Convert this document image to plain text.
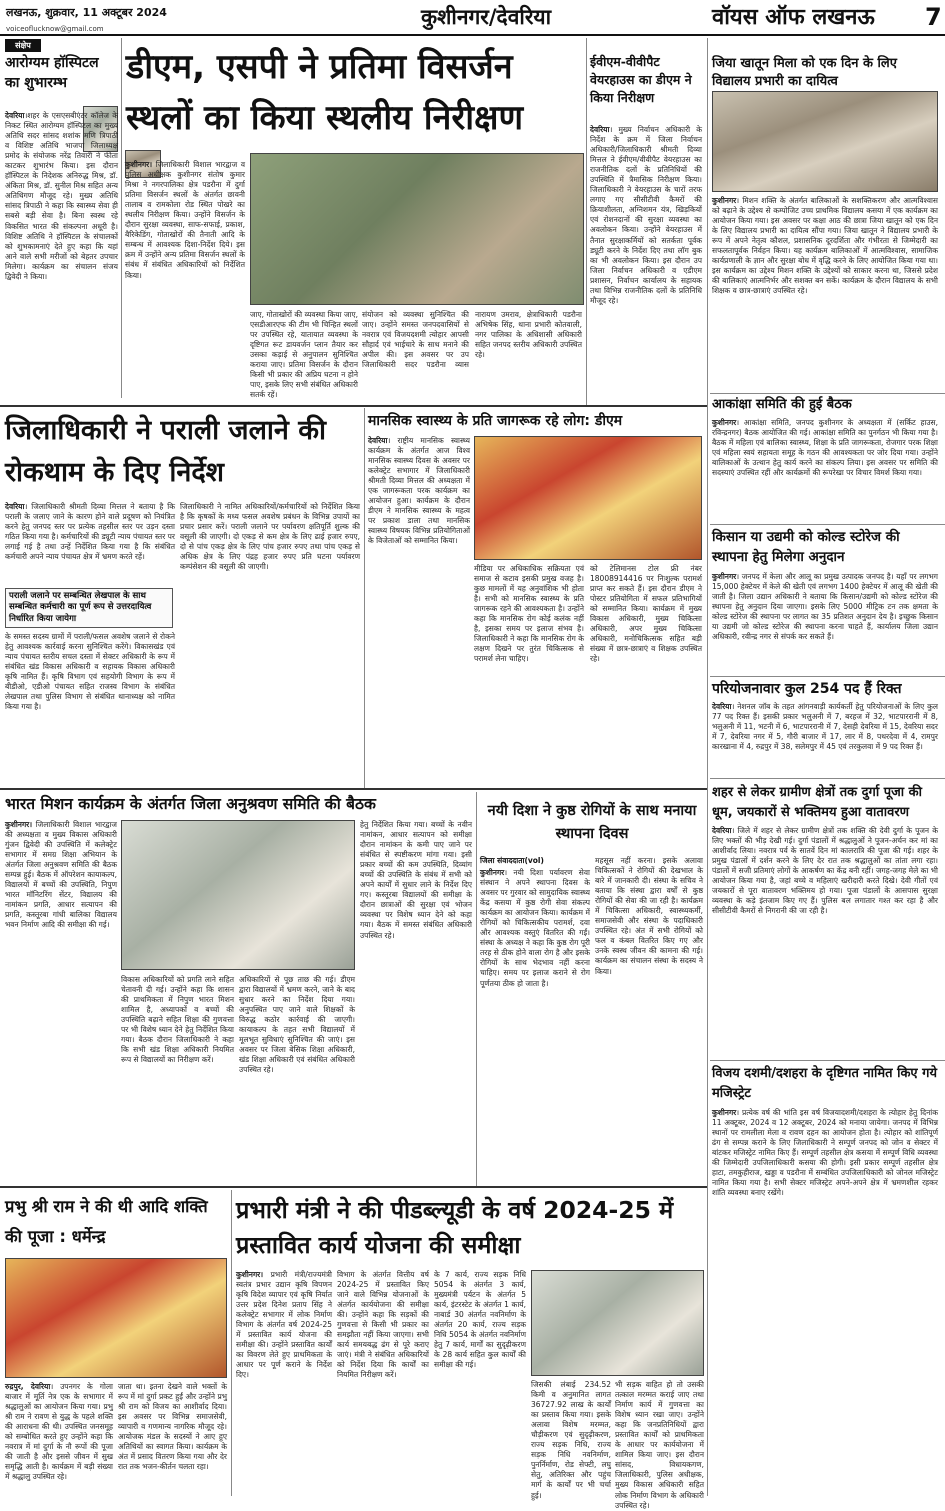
लखनऊ, शुक्रवार, 11 अक्टूबर 2024
voiceoflucknow@gmail.com	कुशीनगर/देवरिया	वॉयस ऑफ लखनऊ 7
संक्षेप
आरोग्यम हॉस्पिटल का शुभारम्भ
देवरिया।शहर के एसएसबीएंटर कॉलेज के निकट स्थित आरोग्यम हॉस्पिटल का मुख्य अतिथि सदर सांसद शशांक मणि त्रिपाठी व विशिष्ट अतिथि भाजपा जिलाध्यक्ष प्रमोद के संयोजक नरेंद्र तिवारी ने फीता काटकर शुभारंभ किया। इस दौरान हॉस्पिटल के निदेशक अनिरुद्ध मिश्र, डॉ. अंकिता मिश्र, डॉ. सुनील मिश्र सहित अन्य अतिथिगण मौजूद रहे। मुख्य अतिथि सांसद त्रिपाठी ने कहा कि स्वास्थ्य सेवा ही सबसे बड़ी सेवा है। बिना स्वस्थ रहे विकसित भारत की संकल्पना अधूरी है। विशिष्ट अतिथि ने हॉस्पिटल के संचालकों को शुभकामनाएं देते हुए कहा कि यहां आने वाले सभी मरीजों को बेहतर उपचार मिलेगा। कार्यक्रम का संचालन संजय द्विवेदी ने किया।
डीएम, एसपी ने प्रतिमा विसर्जन स्थलों का किया स्थलीय निरीक्षण
कुशीनगर। जिलाधिकारी विशाल भारद्वाज व पुलिस अधीक्षक कुशीनगर संतोष कुमार मिश्रा ने नगरपालिका क्षेत्र पडरौना में दुर्गा प्रतिमा विसर्जन स्थलों के अंतर्गत छावनी तालाब व रामकोला रोड स्थित पोखरे का स्थलीय निरीक्षण किया। उन्होंने विसर्जन के दौरान सुरक्षा व्यवस्था, साफ-सफाई, प्रकाश, बैरिकेडिंग, गोताखोरों की तैनाती आदि के सम्बन्ध में आवश्यक दिशा-निर्देश दिये। इस क्रम में उन्होंने अन्य प्रतिमा विसर्जन स्थलों के संबंध में संबंधित अधिकारियों को निर्देशित किया।
जाए, गोताखोरों की व्यवस्था किया जाए, एसडीआरएफ की टीम भी चिन्हित स्थलों पर उपस्थित रहे, यातायात व्यवस्था के दृष्टिगत रूट डायवर्जन प्लान तैयार कर उसका कड़ाई से अनुपालन सुनिश्चित कराया जाए। प्रतिमा विसर्जन के दौरान किसी भी प्रकार की अप्रिय घटना न होने पाए, इसके लिए सभी संबंधित अधिकारी सतर्क रहें।
संयोजन को व्यवस्था सुनिश्चित की जाए। उन्होंने समस्त जनपदवासियों से नवरात्र एवं विजयदशमी त्योहार आपसी सौहार्द एवं भाईचारे के साथ मनाने की अपील की। इस अवसर पर उप जिलाधिकारी सदर पडरौना व्यास नारायण उमराव, क्षेत्राधिकारी पडरौना अभिषेक सिंह, थाना प्रभारी कोतवाली, नगर पालिका के अधिशासी अधिकारी सहित जनपद स्तरीय अधिकारी उपस्थित रहे।
ईवीएम-वीवीपैट वेयरहाउस का डीएम ने किया निरीक्षण
देवरिया। मुख्य निर्वाचन अधिकारी के निर्देश के क्रम में जिला निर्वाचन अधिकारी/जिलाधिकारी श्रीमती दिव्या मित्तल ने ईवीएम/वीवीपैट वेयरहाउस का राजनीतिक दलों के प्रतिनिधियों की उपस्थिति में त्रैमासिक निरीक्षण किया। जिलाधिकारी ने वेयरहाउस के चारों तरफ लगाए गए सीसीटीवी कैमरों की क्रियाशीलता, अग्निशमन यंत्र, खिड़कियों एवं रोशनदानों की सुरक्षा व्यवस्था का अवलोकन किया। उन्होंने वेयरहाउस में तैनात सुरक्षाकर्मियों को सतर्कता पूर्वक ड्यूटी करने के निर्देश दिए तथा लॉग बुक का भी अवलोकन किया। इस दौरान उप जिला निर्वाचन अधिकारी व एडीएम प्रशासन, निर्वाचन कार्यालय के सहायक तथा विभिन्न राजनीतिक दलों के प्रतिनिधि मौजूद रहे।
जिया खातून मिला को एक दिन के लिए विद्यालय प्रभारी का दायित्व
कुशीनगर। मिशन शक्ति के अंतर्गत बालिकाओं के सशक्तिकरण और आत्मविश्वास को बढ़ाने के उद्देश्य से कम्पोजिट उच्च प्राथमिक विद्यालय कसया में एक कार्यक्रम का आयोजन किया गया। इस अवसर पर कक्षा आठ की छात्रा जिया खातून को एक दिन के लिए विद्यालय प्रभारी का दायित्व सौंपा गया। जिया खातून ने विद्यालय प्रभारी के रूप में अपने नेतृत्व कौशल, प्रशासनिक दूरदर्शिता और गंभीरता से जिम्मेदारी का सफलतापूर्वक निर्वहन किया। यह कार्यक्रम बालिकाओं में आत्मविश्वास, सामाजिक कार्यप्रणाली के ज्ञान और सुरक्षा बोध में वृद्धि करने के लिए आयोजित किया गया था। इस कार्यक्रम का उद्देश्य मिशन शक्ति के उद्देश्यों को साकार करना था, जिससे प्रदेश की बालिकाएं आत्मनिर्भर और सशक्त बन सकें। कार्यक्रम के दौरान विद्यालय के सभी शिक्षक व छात्र-छात्राएं उपस्थित रहे।
आकांक्षा समिति की हुई बैठक
कुशीनगर। आकांक्षा समिति, जनपद कुशीनगर के अध्यक्षता में (सर्किट हाउस, रविन्द्रनगर) बैठक आयोजित की गई। आकांक्षा समिति का पुनर्गठन भी किया गया है। बैठक में महिला एवं बालिका स्वास्थ्य, शिक्षा के प्रति जागरूकता, रोजगार परक शिक्षा एवं महिला स्वयं सहायता समूह के गठन की आवश्यकता पर जोर दिया गया। उन्होंने बालिकाओं के उत्थान हेतु कार्य करने का संकल्प लिया। इस अवसर पर समिति की सदस्याएं उपस्थित रहीं और कार्यक्रमों की रूपरेखा पर विचार विमर्श किया गया।
किसान या उद्यमी को कोल्ड स्टोरेज की स्थापना हेतु मिलेगा अनुदान
कुशीनगर। जनपद में केला और आलू का प्रमुख उत्पादक जनपद है। यहाँ पर लगभग 15,000 हेक्टेयर में केले की खेती एवं लगभग 1400 हेक्टेयर में आलू की खेती की जाती है। जिला उद्यान अधिकारी ने बताया कि किसान/उद्यमी को कोल्ड स्टोरेज की स्थापना हेतु अनुदान दिया जाएगा। इसके लिए 5000 मीट्रिक टन तक क्षमता के कोल्ड स्टोरेज की स्थापना पर लागत का 35 प्रतिशत अनुदान देय है। इच्छुक किसान या उद्यमी जो कोल्ड स्टोरेज की स्थापना करना चाहते हैं, कार्यालय जिला उद्यान अधिकारी, रवीन्द्र नगर से संपर्क कर सकते हैं।
परियोजनावार कुल 254 पद हैं रिक्त
देवरिया। नेशनल जॉब के तहत आंगनवाड़ी कार्यकर्ती हेतु परियोजनाओं के लिए कुल 77 पद रिक्त हैं। इसकी प्रकार भलुअनी में 7, बरहज में 32, भाटपाररानी में 8, भलुअनी में 11, भटनी में 6, भाटपाररानी में 7, देसही देवरिया में 15, देवरिया सदर में 7, देवरिया नगर में 5, गौरी बाजार में 17, लार में 8, पथरदेवा में 4, रामपुर कारखाना में 4, रुद्रपुर में 38, सलेमपुर में 45 एवं तरकुलवा में 9 पद रिक्त हैं।
शहर से लेकर ग्रामीण क्षेत्रों तक दुर्गा पूजा की धूम, जयकारों से भक्तिमय हुआ वातावरण
देवरिया। जिले में शहर से लेकर ग्रामीण क्षेत्रों तक शक्ति की देवी दुर्गा के पूजन के लिए भक्तों की भीड़ देखी गई। दुर्गा पंडालों में श्रद्धालुओं ने पूजन-अर्चन कर मां का आशीर्वाद लिया। नवरात्र पर्व के सातवें दिन मां कालरात्रि की पूजा की गई। शहर के प्रमुख पंडालों में दर्शन करने के लिए देर रात तक श्रद्धालुओं का तांता लगा रहा। पंडालों में सजी प्रतिमाएं लोगों के आकर्षण का केंद्र बनी रहीं। जगह-जगह मेले का भी आयोजन किया गया है, जहां बच्चे व महिलाएं खरीदारी करते दिखे। देवी गीतों एवं जयकारों से पूरा वातावरण भक्तिमय हो गया। पूजा पंडालों के आसपास सुरक्षा व्यवस्था के कड़े इंतजाम किए गए हैं। पुलिस बल लगातार गश्त कर रहा है और सीसीटीवी कैमरों से निगरानी की जा रही है।
विजय दशमी/दशहरा के दृष्टिगत नामित किए गये मजिस्ट्रेट
कुशीनगर। प्रत्येक वर्ष की भांति इस वर्ष विजयादशमी/दशहरा के त्योहार हेतु दिनांक 11 अक्टूबर, 2024 व 12 अक्टूबर, 2024 को मनाया जायेगा। जनपद में विभिन्न स्थानों पर रामलीला मेला व रावण दहन का आयोजन होता है। त्योहार को शांतिपूर्ण ढंग से सम्पन्न कराने के लिए जिलाधिकारी ने सम्पूर्ण जनपद को जोन व सेक्टर में बांटकर मजिस्ट्रेट नामित किए हैं। सम्पूर्ण तहसील क्षेत्र कसया में सम्पूर्ण विधि व्यवस्था की जिम्मेदारी उपजिलाधिकारी कसया की होगी। इसी प्रकार सम्पूर्ण तहसील क्षेत्र हाटा, तमकुहीराज, खड्डा व पडरौना में सम्बंधित उपजिलाधिकारी को जोनल मजिस्ट्रेट नामित किया गया है। सभी सेक्टर मजिस्ट्रेट अपने-अपने क्षेत्र में भ्रमणशील रहकर शांति व्यवस्था बनाए रखेंगे।
जिलाधिकारी ने पराली जलाने की रोकथाम के दिए निर्देश
देवरिया। जिलाधिकारी श्रीमती दिव्या मित्तल ने बताया है कि पराली के जलाए जाने के कारण होने वाले प्रदूषण को नियंत्रित करने हेतु जनपद स्तर पर प्रत्येक तहसील स्तर पर उड़न दस्ता गठित किया गया है। कर्मचारियों की ड्यूटी न्याय पंचायत स्तर पर लगाई गई है तथा उन्हें निर्देशित किया गया है कि संबंधित कर्मचारी अपने न्याय पंचायत क्षेत्र में भ्रमण करते रहें।
जिलाधिकारी ने नामित अधिकारियों/कर्मचारियों को निर्देशित किया है कि कृषकों के मध्य फसल अवशेष प्रबंधन के विभिन्न उपायों का प्रचार प्रसार करें। पराली जलाने पर पर्यावरण क्षतिपूर्ति शुल्क की वसूली की जाएगी। दो एकड़ से कम क्षेत्र के लिए ढाई हजार रुपए, दो से पांच एकड़ क्षेत्र के लिए पांच हजार रुपए तथा पांच एकड़ से अधिक क्षेत्र के लिए पंद्रह हजार रुपए प्रति घटना पर्यावरण कम्पंसेशन की वसूली की जाएगी।
पराली जलाने पर सम्बन्धित लेखपाल के साथ सम्बन्धित कर्मचारी का पूर्ण रूप से उत्तरदायित्व निर्धारित किया जायेगा
के समस्त सदस्य ग्रामों में पराली/फसल अवशेष जलाने से रोकने हेतु आवश्यक कार्रवाई करना सुनिश्चित करेंगे। विकासखंड एवं न्याय पंचायत स्तरीय सचल दस्ता में सेक्टर अधिकारी के रूप में संबंधित खंड विकास अधिकारी व सहायक विकास अधिकारी कृषि नामित हैं। कृषि विभाग एवं सहयोगी विभाग के रूप में बीडीओ, एडीओ पंचायत सहित राजस्व विभाग के संबंधित लेखपाल तथा पुलिस विभाग से संबंधित थानाध्यक्ष को नामित किया गया है।
मानसिक स्वास्थ्य के प्रति जागरूक रहे लोग: डीएम
देवरिया। राष्ट्रीय मानसिक स्वास्थ्य कार्यक्रम के अंतर्गत आज विश्व मानसिक स्वास्थ्य दिवस के अवसर पर कलेक्ट्रेट सभागार में जिलाधिकारी श्रीमती दिव्या मित्तल की अध्यक्षता में एक जागरूकता परक कार्यक्रम का आयोजन हुआ। कार्यक्रम के दौरान डीएम ने मानसिक स्वास्थ्य के महत्व पर प्रकाश डाला तथा मानसिक स्वास्थ्य विषयक विभिन्न प्रतियोगिताओं के विजेताओं को सम्मानित किया।
मीडिया पर अधिकाधिक सक्रियता एवं समाज से कटाव इसकी प्रमुख वजह है। कुछ मामलों में यह अनुवांशिक भी होता है। सभी को मानसिक स्वास्थ्य के प्रति जागरूक रहने की आवश्यकता है। उन्होंने कहा कि मानसिक रोग कोई कलंक नहीं है, इसका समय पर इलाज संभव है। जिलाधिकारी ने कहा कि मानसिक रोग के लक्षण दिखने पर तुरंत चिकित्सक से परामर्श लेना चाहिए।
को टेलिमानस टोल फ्री नंबर 18008914416 पर निःशुल्क परामर्श प्राप्त कर सकते हैं। इस दौरान डीएम ने पोस्टर प्रतियोगिता में सफल प्रतिभागियों को सम्मानित किया। कार्यक्रम में मुख्य विकास अधिकारी, मुख्य चिकित्सा अधिकारी, अपर मुख्य चिकित्सा अधिकारी, मनोचिकित्सक सहित बड़ी संख्या में छात्र-छात्राएं व शिक्षक उपस्थित रहे।
भारत मिशन कार्यक्रम के अंतर्गत जिला अनुश्रवण समिति की बैठक
कुशीनगर। जिलाधिकारी विशाल भारद्वाज की अध्यक्षता व मुख्य विकास अधिकारी गुंजन द्विवेदी की उपस्थिति में कलेक्ट्रेट सभागार में समग्र शिक्षा अभियान के अंतर्गत जिला अनुश्रवण समिति की बैठक सम्पन्न हुई। बैठक में ऑपरेशन कायाकल्प, विद्यालयों में बच्चों की उपस्थिति, निपुण भारत मॉनिटरिंग सेंटर, विद्यालय की नामांकन प्रगति, आधार सत्यापन की प्रगति, कस्तूरबा गांधी बालिका विद्यालय भवन निर्माण आदि की समीक्षा की गई।
विकास अधिकारियों को प्रगति लाने सहित चेतावनी दी गई। उन्होंने कहा कि शासन की प्राथमिकता में निपुण भारत मिशन शामिल है, अध्यापकों व बच्चों की उपस्थिति बढ़ाने सहित शिक्षा की गुणवत्ता पर भी विशेष ध्यान देने हेतु निर्देशित किया गया। बैठक दौरान जिलाधिकारी ने कहा कि सभी खंड शिक्षा अधिकारी नियमित रूप से विद्यालयों का निरीक्षण करें।
अधिकारियों से पूछ ताछ की गई। डीएम द्वारा विद्यालयों में भ्रमण करने, जाने के बाद सुधार करने का निर्देश दिया गया। अनुपस्थित पाए जाने वाले शिक्षकों के विरुद्ध कठोर कार्रवाई की जाएगी। कायाकल्प के तहत सभी विद्यालयों में मूलभूत सुविधाएं सुनिश्चित की जाएं। इस अवसर पर जिला बेसिक शिक्षा अधिकारी, खंड शिक्षा अधिकारी एवं संबंधित अधिकारी उपस्थित रहे।
हेतु निर्देशित किया गया। बच्चों के नवीन नामांकन, आधार सत्यापन को समीक्षा दौरान नामांकन के कमी पाए जाने पर संबंधित से स्पष्टीकरण मांगा गया। इसी प्रकार बच्चों की कम उपस्थिति, दिव्यांग बच्चों की उपस्थिति के संबंध में सभी को अपने कार्यों में सुधार लाने के निर्देश दिए गए। कस्तूरबा विद्यालयों की समीक्षा के दौरान छात्राओं की सुरक्षा एवं भोजन व्यवस्था पर विशेष ध्यान देने को कहा गया। बैठक में समस्त संबंधित अधिकारी उपस्थित रहे।
नयी दिशा ने कुष्ठ रोगियों के साथ मनाया स्थापना दिवस
जिला संवाददाता(vol)
कुशीनगर। नयी दिशा पर्यावरण सेवा संस्थान ने अपने स्थापना दिवस के अवसर पर गुरवार को सामुदायिक स्वास्थ्य केंद्र कसया में कुष्ठ रोगी सेवा संकल्प कार्यक्रम का आयोजन किया। कार्यक्रम में रोगियों को चिकित्सकीय परामर्श, दवा और आवश्यक वस्तुएं वितरित की गईं। संस्था के अध्यक्ष ने कहा कि कुष्ठ रोग पूरी तरह से ठीक होने वाला रोग है और इसके रोगियों के साथ भेदभाव नहीं करना चाहिए। समय पर इलाज कराने से रोग पूर्णतया ठीक हो जाता है।
महसूस नहीं करना। इसके अलावा चिकित्सकों ने रोगियों की देखभाल के बारे में जानकारी दी। संस्था के सचिव ने बताया कि संस्था द्वारा वर्षों से कुष्ठ रोगियों की सेवा की जा रही है। कार्यक्रम में चिकित्सा अधिकारी, स्वास्थ्यकर्मी, समाजसेवी और संस्था के पदाधिकारी उपस्थित रहे। अंत में सभी रोगियों को फल व कंबल वितरित किए गए और उनके स्वस्थ जीवन की कामना की गई। कार्यक्रम का संचालन संस्था के सदस्य ने किया।
प्रभु श्री राम ने की थी आदि शक्ति की पूजा : धर्मेन्द्र
रुद्रपुर, देवरिया। उपनगर के गोला बाजार में मूर्ति नेत्र एक के सभागार में श्रद्धालुओं का आयोजन किया गया। प्रभु श्री राम ने रावण से युद्ध के पहले शक्ति की आराधना की थी। उपस्थित जनसमूह को सम्बोधित करते हुए उन्होंने कहा कि नवरात्र में मां दुर्गा के नौ रूपों की पूजा की जाती है और इससे जीवन में सुख समृद्धि आती है। कार्यक्रम में बड़ी संख्या में श्रद्धालु उपस्थित रहे।
जाता था। इतना देखने वाले भक्तों के रूप में मां दुर्गा प्रकट हुईं और उन्होंने प्रभु श्री राम को विजय का आशीर्वाद दिया। इस अवसर पर विभिन्न समाजसेवी, व्यापारी व गणमान्य नागरिक मौजूद रहे। आयोजक मंडल के सदस्यों ने आए हुए अतिथियों का स्वागत किया। कार्यक्रम के अंत में प्रसाद वितरण किया गया और देर रात तक भजन-कीर्तन चलता रहा।
प्रभारी मंत्री ने की पीडब्ल्यूडी के वर्ष 2024-25 में प्रस्तावित कार्य योजना की समीक्षा
कुशीनगर। प्रभारी मंत्री/राज्यमंत्री स्वतंत्र प्रभार उद्यान कृषि विपणन कृषि विदेश व्यापार एवं कृषि निर्यात उत्तर प्रदेश दिनेश प्रताप सिंह ने कलेक्ट्रेट सभागार में लोक निर्माण विभाग के अंतर्गत वर्ष 2024-25 में प्रस्तावित कार्य योजना की समीक्षा की। उन्होंने प्रस्तावित कार्यों का विवरण लेते हुए प्राथमिकता के आधार पर पूर्ण कराने के निर्देश दिए।
विभाग के अंतर्गत वित्तीय वर्ष 2024-25 में प्रस्तावित किए जाने वाले विभिन्न योजनाओं के अंतर्गत कार्ययोजना की समीक्षा की। उन्होंने कहा कि सड़कों की गुणवत्ता से किसी भी प्रकार का समझौता नहीं किया जाएगा। सभी कार्य समयबद्ध ढंग से पूरे कराए जाएं। मंत्री ने संबंधित अधिकारियों को निर्देश दिया कि कार्यों का नियमित निरीक्षण करें।
के 7 कार्य, राज्य सड़क निधि 5054 के अंतर्गत 3 कार्य, मुख्यमंत्री पर्यटन के अंतर्गत 5 कार्य, इंटरस्टेट के अंतर्गत 1 कार्य, नाबार्ड 30 अंतर्गत नवनिर्माण के अंतर्गत 20 कार्य, राज्य सड़क निधि 5054 के अंतर्गत नवनिर्माण हेतु 7 कार्य, मार्गों का सुदृढ़ीकरण के 28 कार्य सहित कुल कार्यों की समीक्षा की गई।
जिसकी लंबाई 234.52 किमी व अनुमानित लागत 36727.92 लाख के कार्यों का प्रस्ताव किया गया। इसके अलावा विशेष मरम्मत, चौड़ीकरण एवं सुदृढ़ीकरण, राज्य सड़क निधि, राज्य सड़क निधि नवनिर्माण, पुनर्निर्माण, रोड सेफ्टी, लघु सेतु, अतिरिक्त और पहुंच मार्ग के कार्यों पर भी चर्चा हुई।
भी सड़क वाहित हो तो उसकी तत्काल मरम्मत कराई जाए तथा निर्माण कार्य में गुणवत्ता का विशेष ध्यान रखा जाए। उन्होंने कहा कि जनप्रतिनिधियों द्वारा प्रस्तावित कार्यों को प्राथमिकता के आधार पर कार्ययोजना में शामिल किया जाए। इस दौरान सांसद, विधायकगण, जिलाधिकारी, पुलिस अधीक्षक, मुख्य विकास अधिकारी सहित लोक निर्माण विभाग के अधिकारी उपस्थित रहे।
